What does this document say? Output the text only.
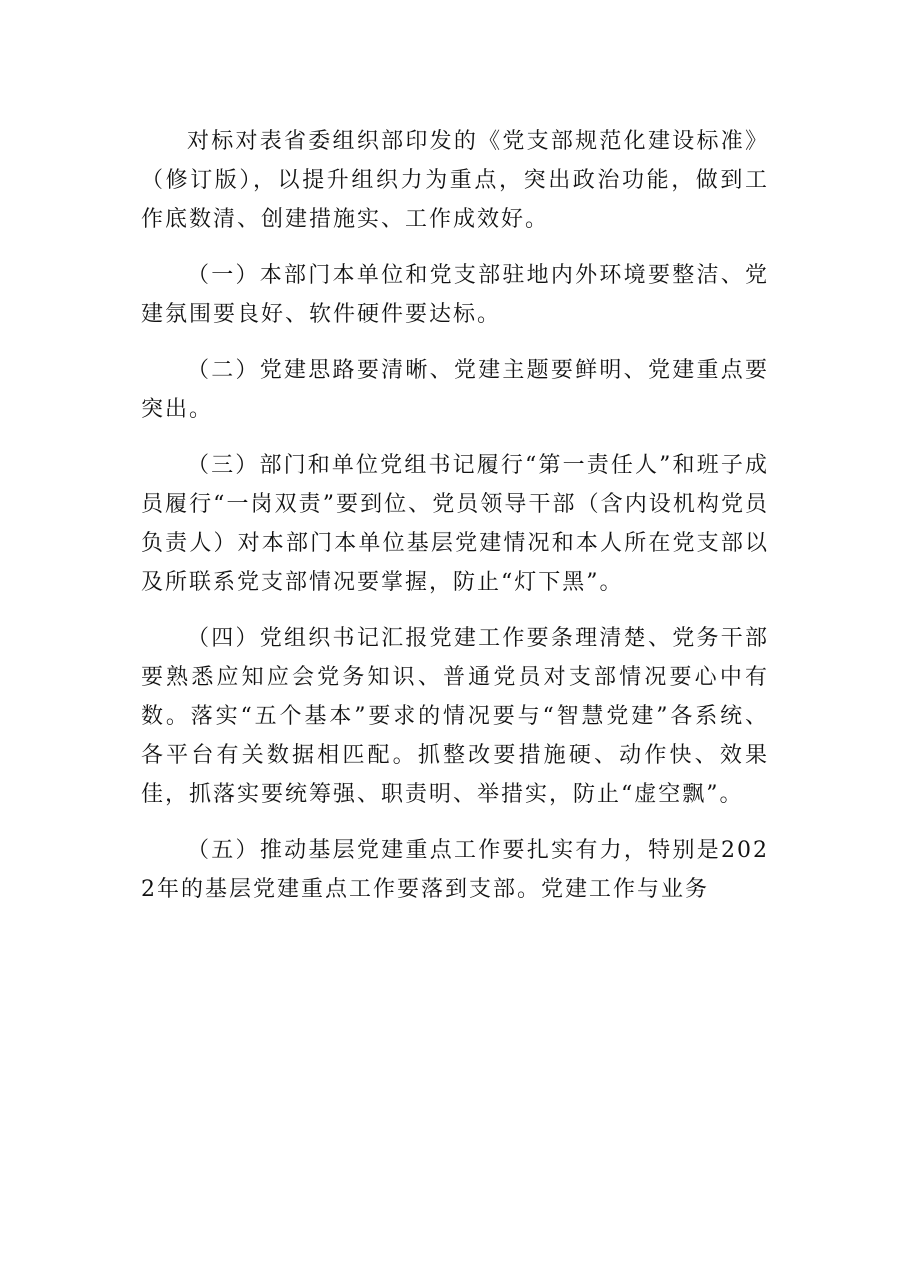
对标对表省委组织部印发的《党支部规范化建设标准》（修订版），以提升组织力为重点，突出政治功能，做到工作底数清、创建措施实、工作成效好。

（一）本部门本单位和党支部驻地内外环境要整洁、党建氛围要良好、软件硬件要达标。

（二）党建思路要清晰、党建主题要鲜明、党建重点要突出。

（三）部门和单位党组书记履行“第一责任人”和班子成员履行“一岗双责”要到位、党员领导干部（含内设机构党员负责人）对本部门本单位基层党建情况和本人所在党支部以及所联系党支部情况要掌握，防止“灯下黑”。

（四）党组织书记汇报党建工作要条理清楚、党务干部要熟悉应知应会党务知识、普通党员对支部情况要心中有数。落实“五个基本”要求的情况要与“智慧党建”各系统、各平台有关数据相匹配。抓整改要措施硬、动作快、效果佳，抓落实要统筹强、职责明、举措实，防止“虚空飘”。

（五）推动基层党建重点工作要扎实有力，特别是2022年的基层党建重点工作要落到支部。党建工作与业务
